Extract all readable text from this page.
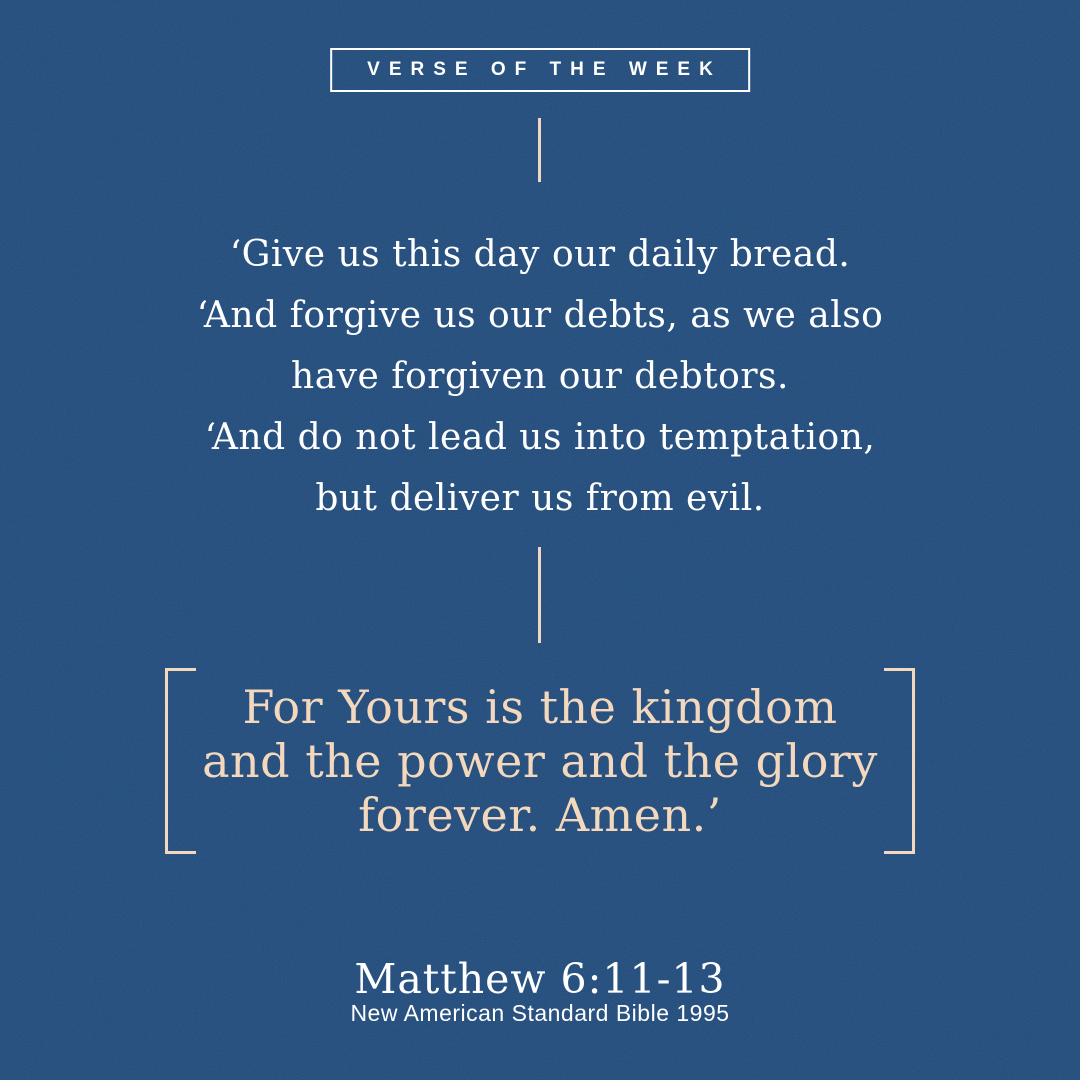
VERSE OF THE WEEK

‘Give us this day our daily bread.

‘And forgive us our debts, as we also

have forgiven our debtors.

‘And do not lead us into temptation,

but deliver us from evil.

For Yours is the kingdom

and the power and the glory

forever. Amen.’

Matthew 6:11-13
New American Standard Bible 1995
